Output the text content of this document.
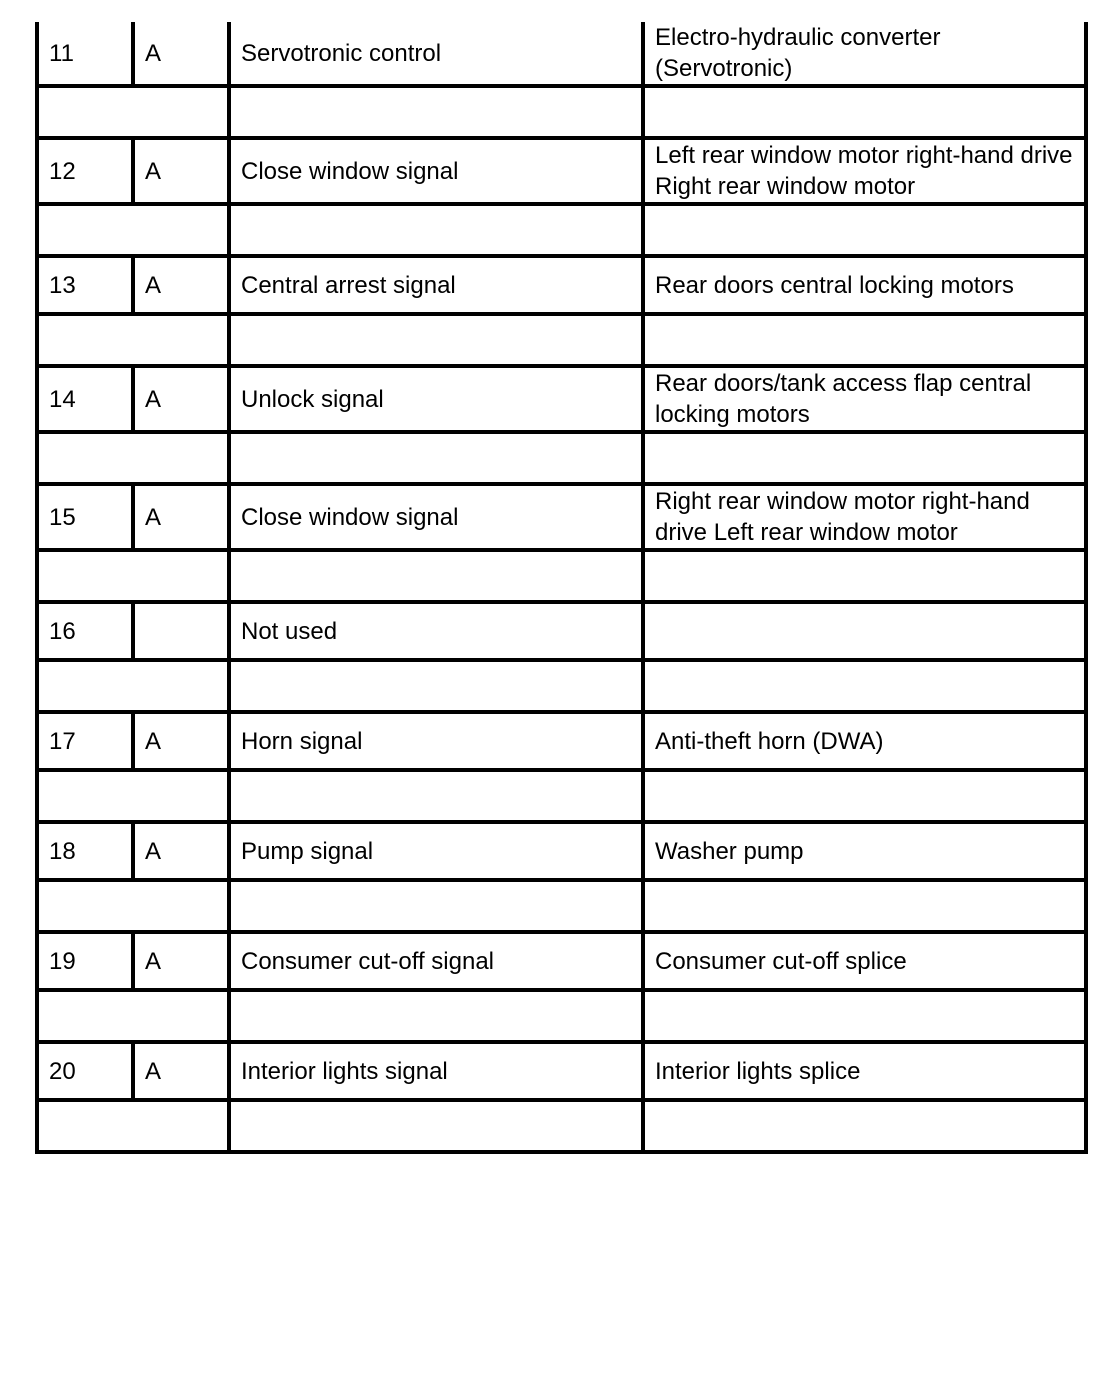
11	A	Servotronic control	Electro-hydraulic converter (Servotronic)

12	A	Close window signal	Left rear window motor right-hand drive Right rear window motor

13	A	Central arrest signal	Rear doors central locking motors

14	A	Unlock signal	Rear doors/tank access flap central locking motors

15	A	Close window signal	Right rear window motor right-hand drive Left rear window motor

16		Not used	

17	A	Horn signal	Anti-theft horn (DWA)

18	A	Pump signal	Washer pump

19	A	Consumer cut-off signal	Consumer cut-off splice

20	A	Interior lights signal	Interior lights splice
